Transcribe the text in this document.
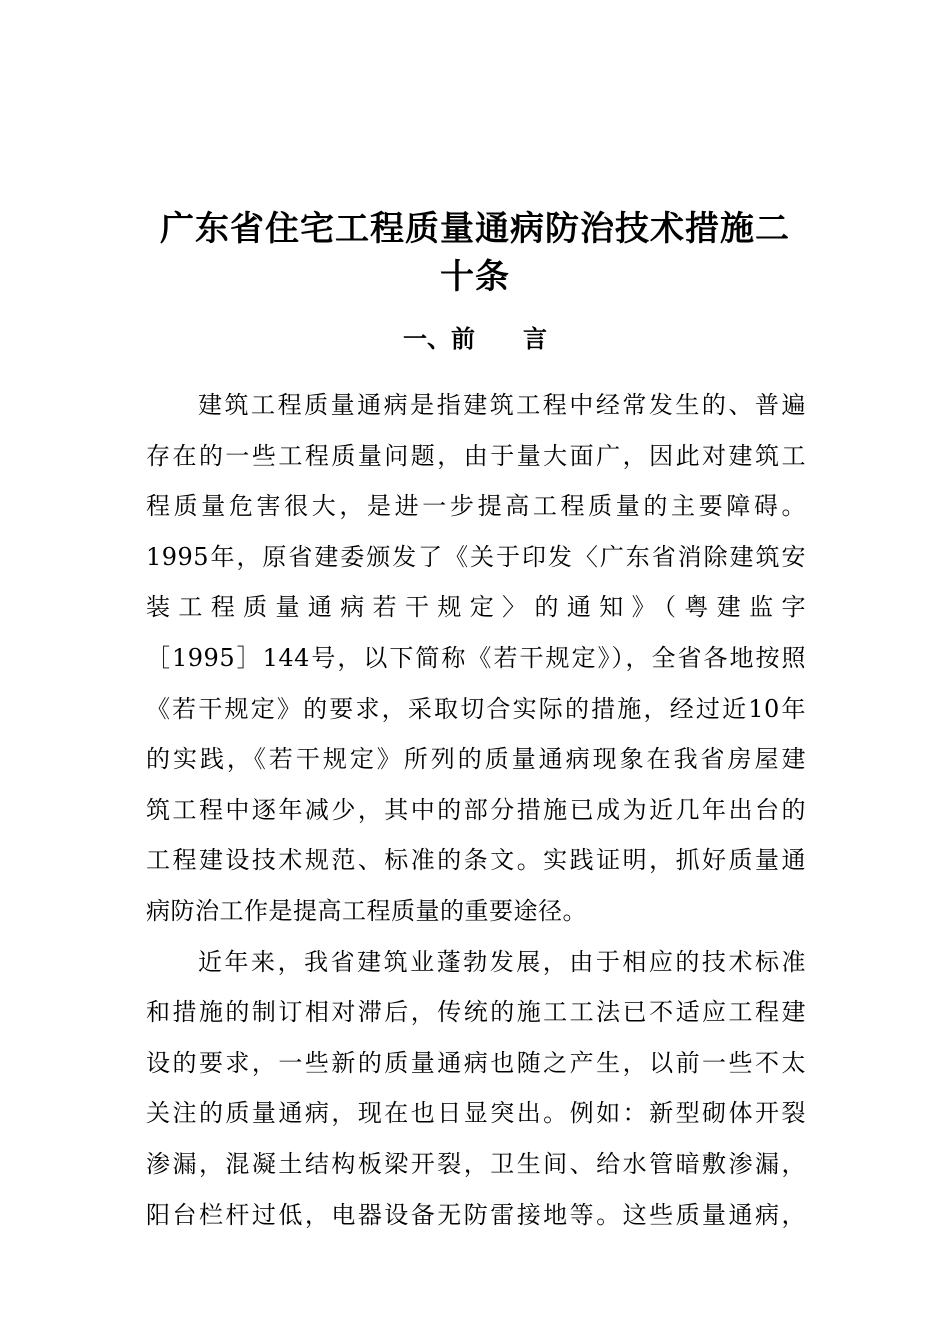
广东省住宅工程质量通病防治技术措施二
十条
一、前　　言
建筑工程质量通病是指建筑工程中经常发生的、普遍
存在的一些工程质量问题，由于量大面广，因此对建筑工
程质量危害很大，是进一步提高工程质量的主要障碍。
1995年，原省建委颁发了《关于印发〈广东省消除建筑安
装工程质量通病若干规定〉的通知》（粤建监字
［1995］144号，以下简称《若干规定》），全省各地按照
《若干规定》的要求，采取切合实际的措施，经过近10年
的实践，《若干规定》所列的质量通病现象在我省房屋建
筑工程中逐年减少，其中的部分措施已成为近几年出台的
工程建设技术规范、标准的条文。实践证明，抓好质量通
病防治工作是提高工程质量的重要途径。
近年来，我省建筑业蓬勃发展，由于相应的技术标准
和措施的制订相对滞后，传统的施工工法已不适应工程建
设的要求，一些新的质量通病也随之产生，以前一些不太
关注的质量通病，现在也日显突出。例如：新型砌体开裂
渗漏，混凝土结构板梁开裂，卫生间、给水管暗敷渗漏，
阳台栏杆过低，电器设备无防雷接地等。这些质量通病，
